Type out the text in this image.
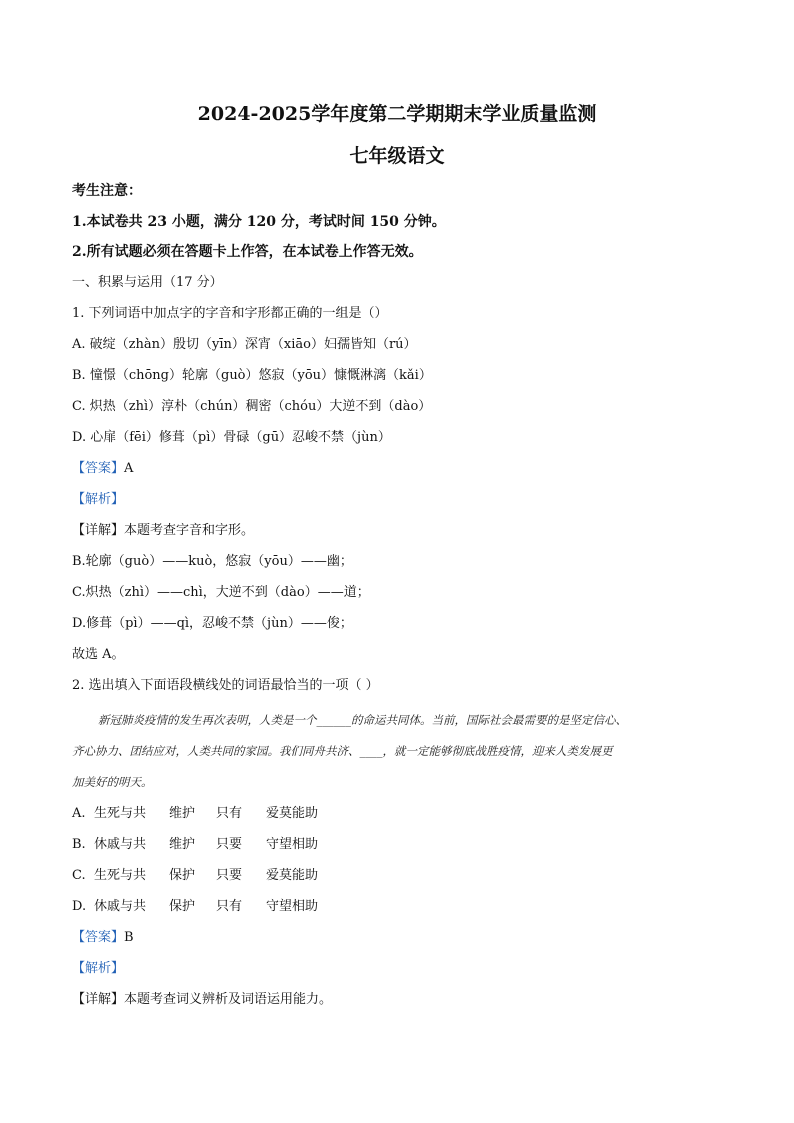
2024-2025学年度第二学期期末学业质量监测
七年级语文
考生注意：
1.本试卷共 23 小题，满分 120 分，考试时间 150 分钟。
2.所有试题必须在答题卡上作答，在本试卷上作答无效。
一、积累与运用（17 分）
1. 下列词语中加点字的字音和字形都正确的一组是（）
A. 破绽（zhàn）殷切（yīn）深宵（xiāo）妇孺皆知（rú）
B. 憧憬（chōng）轮廓（guò）悠寂（yōu）慷慨淋漓（kǎi）
C. 炽热（zhì）淳朴（chún）稠密（chóu）大逆不到（dào）
D. 心扉（fēi）修葺（pì）骨碌（gū）忍峻不禁（jùn）
【答案】A
【解析】
【详解】本题考查字音和字形。
B.轮廓（guò）——kuò，悠寂（yōu）——幽；
C.炽热（zhì）——chì，大逆不到（dào）——道；
D.修葺（pì）——qì，忍峻不禁（jùn）——俊；
故选 A。
2. 选出填入下面语段横线处的词语最恰当的一项（ ）
新冠肺炎疫情的发生再次表明，人类是一个______的命运共同体。当前，国际社会最需要的是坚定信心、
齐心协力、团结应对，人类共同的家园。我们同舟共济、____，就一定能够彻底战胜疫情，迎来人类发展更
加美好的明天。
A. 生死与共 维护 只有 爱莫能助
B. 休戚与共 维护 只要 守望相助
C. 生死与共 保护 只要 爱莫能助
D. 休戚与共 保护 只有 守望相助
【答案】B
【解析】
【详解】本题考查词义辨析及词语运用能力。
